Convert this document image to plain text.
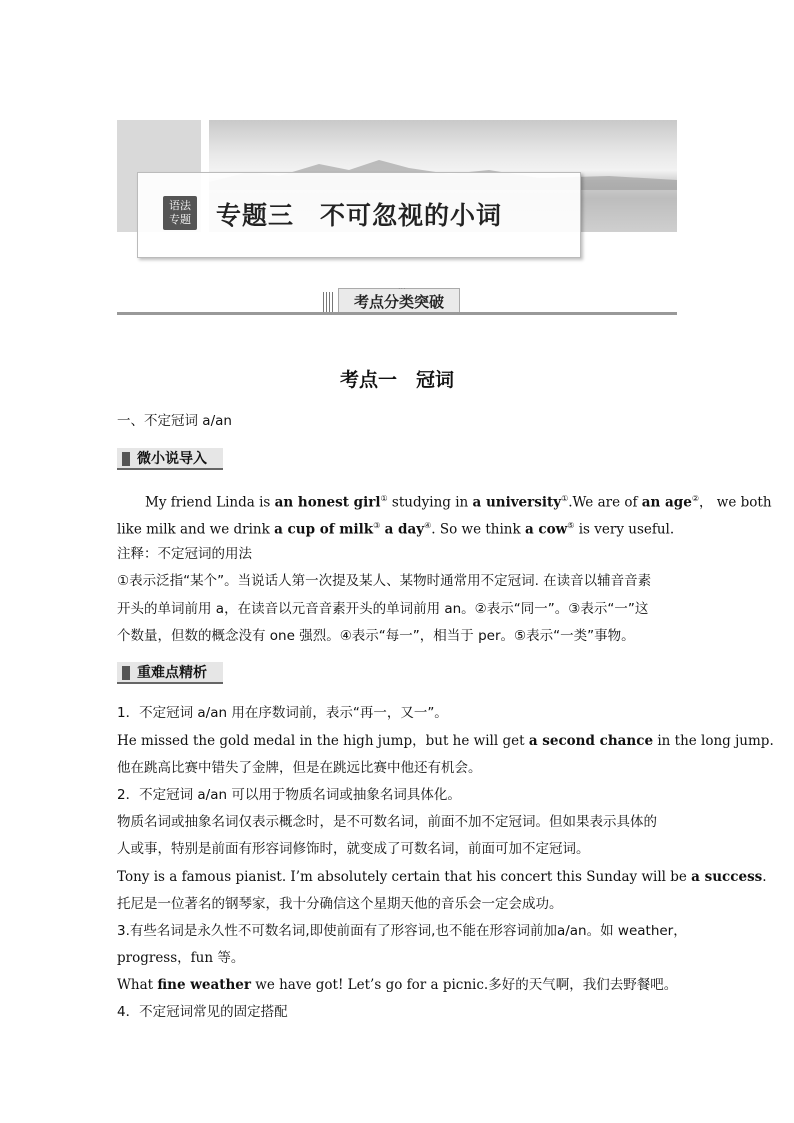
语法
专题 专题三　不可忽视的小词
考点分类突破
...
考点一　冠词
一、不定冠词 a/an
微小说导入
My friend Linda is an honest girl① studying in a university①.We are of an age②， we both
like milk and we drink a cup of milk③ a day④. So we think a cow⑤ is very useful.
注释：不定冠词的用法
①表示泛指“某个”。当说话人第一次提及某人、某物时通常用不定冠词. 在读音以辅音音素
开头的单词前用 a，在读音以元音音素开头的单词前用 an。②表示“同一”。③表示“一”这
个数量，但数的概念没有 one 强烈。④表示“每一”，相当于 per。⑤表示“一类”事物。
重难点精析
1．不定冠词 a/an 用在序数词前，表示“再一，又一”。
He missed the gold medal in the high jump，but he will get a second chance in the long jump.
他在跳高比赛中错失了金牌，但是在跳远比赛中他还有机会。
2．不定冠词 a/an 可以用于物质名词或抽象名词具体化。
物质名词或抽象名词仅表示概念时，是不可数名词，前面不加不定冠词。但如果表示具体的
人或事，特别是前面有形容词修饰时，就变成了可数名词，前面可加不定冠词。
Tony is a famous pianist. I’m absolutely certain that his concert this Sunday will be a success.
托尼是一位著名的钢琴家，我十分确信这个星期天他的音乐会一定会成功。
3.有些名词是永久性不可数名词,即使前面有了形容词,也不能在形容词前加a/an。如 weather，
progress，fun 等。
What fine weather we have got! Let’s go for a picnic.多好的天气啊，我们去野餐吧。
4．不定冠词常见的固定搭配
